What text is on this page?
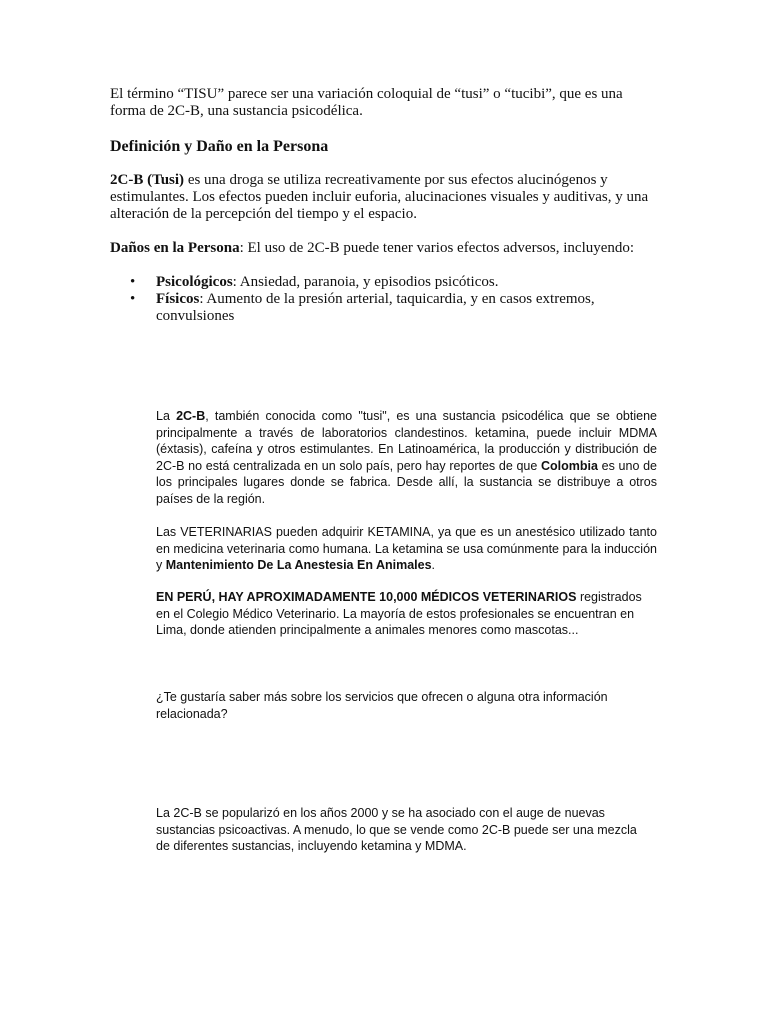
El término “TISU” parece ser una variación coloquial de “tusi” o “tucibi”, que es una forma de 2C-B, una sustancia psicodélica.

Definición y Daño en la Persona

2C-B (Tusi) es una droga se utiliza recreativamente por sus efectos alucinógenos y estimulantes. Los efectos pueden incluir euforia, alucinaciones visuales y auditivas, y una alteración de la percepción del tiempo y el espacio.

Daños en la Persona: El uso de 2C-B puede tener varios efectos adversos, incluyendo:

• Psicológicos: Ansiedad, paranoia, y episodios psicóticos.
• Físicos: Aumento de la presión arterial, taquicardia, y en casos extremos, convulsiones

La 2C-B, también conocida como "tusi", es una sustancia psicodélica que se obtiene principalmente a través de laboratorios clandestinos. ketamina, puede incluir MDMA (éxtasis), cafeína y otros estimulantes. En Latinoamérica, la producción y distribución de 2C-B no está centralizada en un solo país, pero hay reportes de que Colombia es uno de los principales lugares donde se fabrica. Desde allí, la sustancia se distribuye a otros países de la región.

Las VETERINARIAS pueden adquirir KETAMINA, ya que es un anestésico utilizado tanto en medicina veterinaria como humana. La ketamina se usa comúnmente para la inducción y Mantenimiento De La Anestesia En Animales.

EN PERÚ, HAY APROXIMADAMENTE 10,000 MÉDICOS VETERINARIOS registrados en el Colegio Médico Veterinario. La mayoría de estos profesionales se encuentran en Lima, donde atienden principalmente a animales menores como mascotas...

¿Te gustaría saber más sobre los servicios que ofrecen o alguna otra información relacionada?

La 2C-B se popularizó en los años 2000 y se ha asociado con el auge de nuevas sustancias psicoactivas. A menudo, lo que se vende como 2C-B puede ser una mezcla de diferentes sustancias, incluyendo ketamina y MDMA.
